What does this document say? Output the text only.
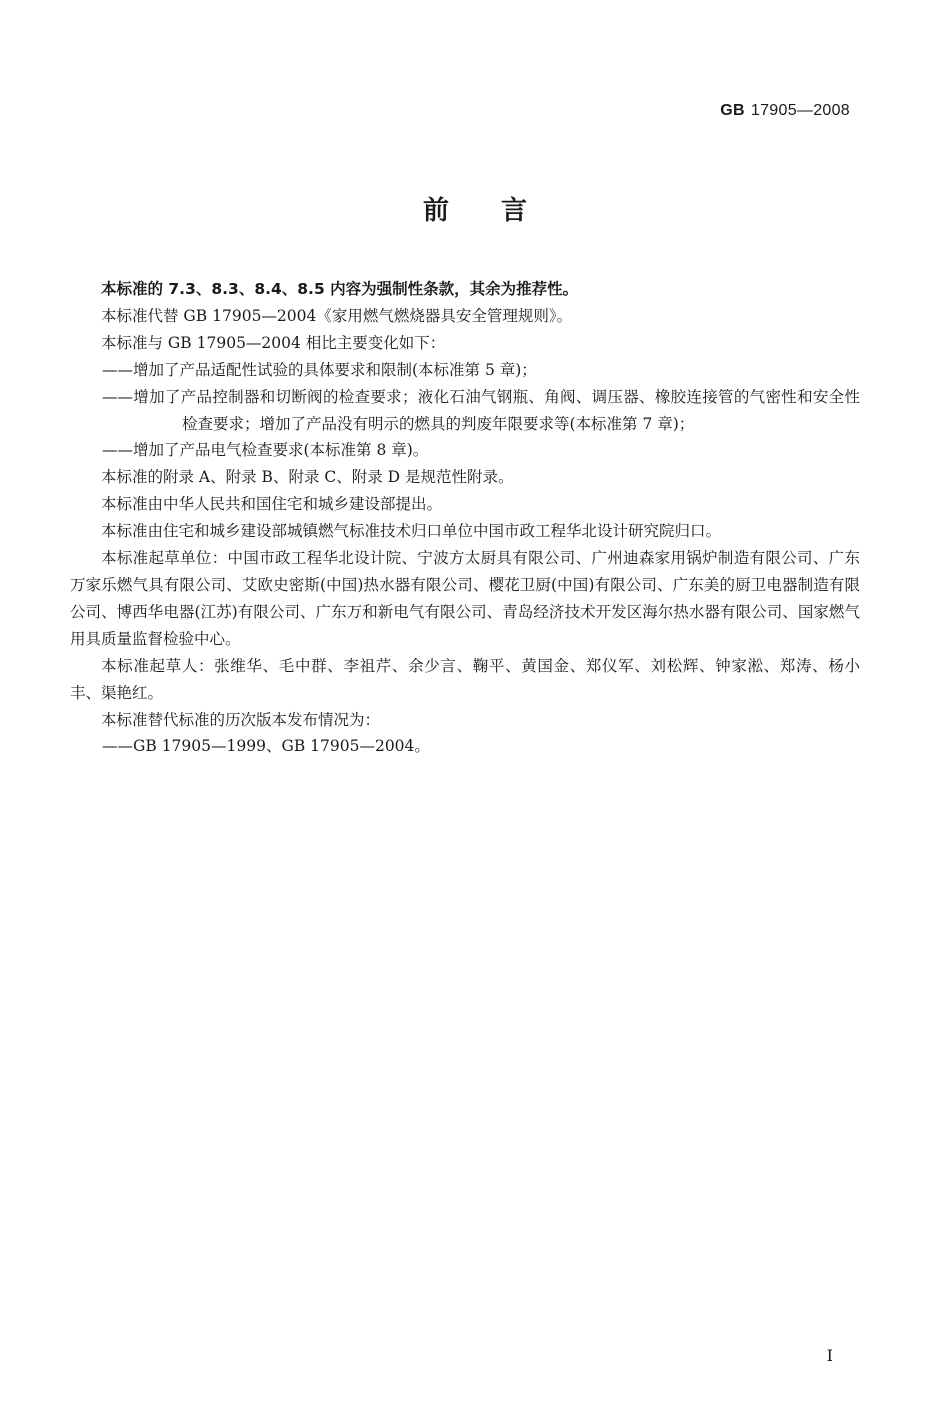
GB 17905—2008
前言

本标准的 7.3、8.3、8.4、8.5 内容为强制性条款，其余为推荐性。

本标准代替 GB 17905—2004《家用燃气燃烧器具安全管理规则》。

本标准与 GB 17905—2004 相比主要变化如下：

——增加了产品适配性试验的具体要求和限制(本标准第 5 章)；

——增加了产品控制器和切断阀的检查要求；液化石油气钢瓶、角阀、调压器、橡胶连接管的气密性和安全性检查要求；增加了产品没有明示的燃具的判废年限要求等(本标准第 7 章)；

——增加了产品电气检查要求(本标准第 8 章)。

本标准的附录 A、附录 B、附录 C、附录 D 是规范性附录。

本标准由中华人民共和国住宅和城乡建设部提出。

本标准由住宅和城乡建设部城镇燃气标准技术归口单位中国市政工程华北设计研究院归口。

本标准起草单位：中国市政工程华北设计院、宁波方太厨具有限公司、广州迪森家用锅炉制造有限公司、广东万家乐燃气具有限公司、艾欧史密斯(中国)热水器有限公司、樱花卫厨(中国)有限公司、广东美的厨卫电器制造有限公司、博西华电器(江苏)有限公司、广东万和新电气有限公司、青岛经济技术开发区海尔热水器有限公司、国家燃气用具质量监督检验中心。

本标准起草人：张维华、毛中群、李祖芹、余少言、鞠平、黄国金、郑仪军、刘松辉、钟家淞、郑涛、杨小丰、渠艳红。

本标准替代标准的历次版本发布情况为：

——GB 17905—1999、GB 17905—2004。

I
